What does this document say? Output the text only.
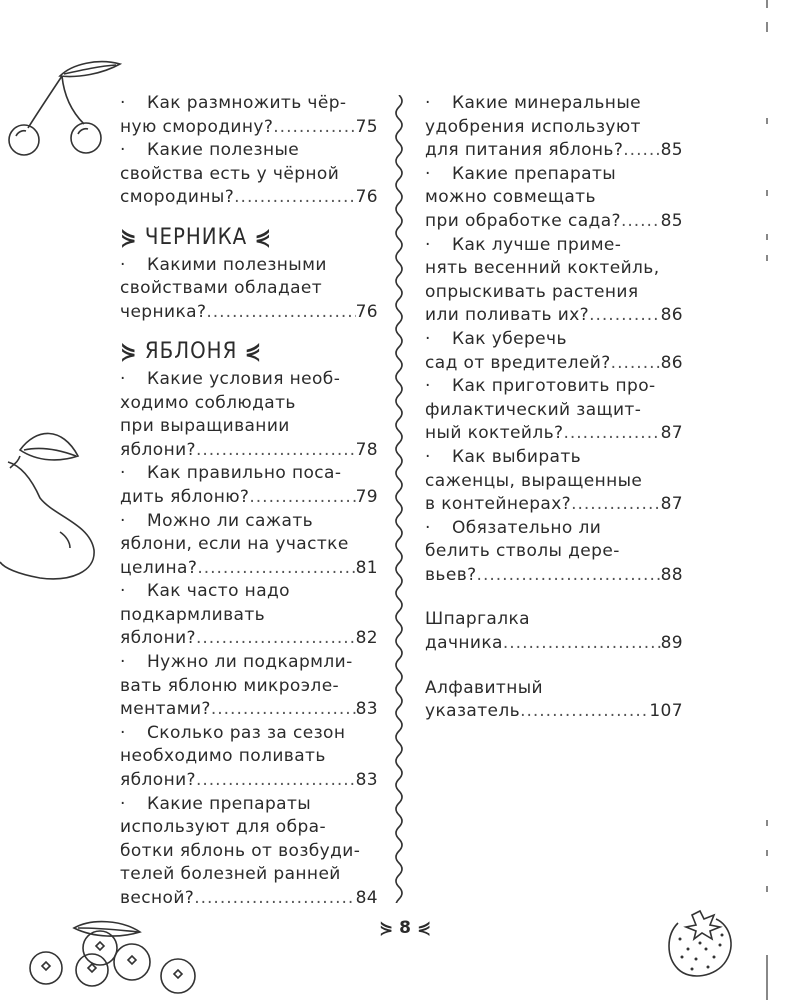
· Как размножить чёр-
ную смородину? .....	75
· Какие полезные
свойства есть у чёрной
смородины? .....	76
⋟ ЧЕРНИКА ⋞
· Какими полезными
свойствами обладает
черника? .....	76
⋟ ЯБЛОНЯ ⋞
· Какие условия необ-
ходимо соблюдать
при выращивании
яблони? .....	78
· Как правильно поса-
дить яблоню? .....	79
· Можно ли сажать
яблони, если на участке
целина? .....	81
· Как часто надо
подкармливать
яблони? .....	82
· Нужно ли подкармли-
вать яблоню микроэле-
ментами? .....	83
· Сколько раз за сезон
необходимо поливать
яблони? .....	83
· Какие препараты
используют для обра-
ботки яблонь от возбуди-
телей болезней ранней
весной? .....	84
· Какие минеральные
удобрения используют
для питания яблонь? ..... 85
· Какие препараты
можно совмещать
при обработке сада? ..... 85
· Как лучше приме-
нять весенний коктейль,
опрыскивать растения
или поливать их? .....	86
· Как уберечь
сад от вредителей? .....	86
· Как приготовить про-
филактический защит-
ный коктейль? .....	87
· Как выбирать
саженцы, выращенные
в контейнерах? .....	87
· Обязательно ли
белить стволы дере-
вьев? .....	88
Шпаргалка
дачника .....	89
Алфавитный
указатель .....	107
⋟ 8 ⋞
